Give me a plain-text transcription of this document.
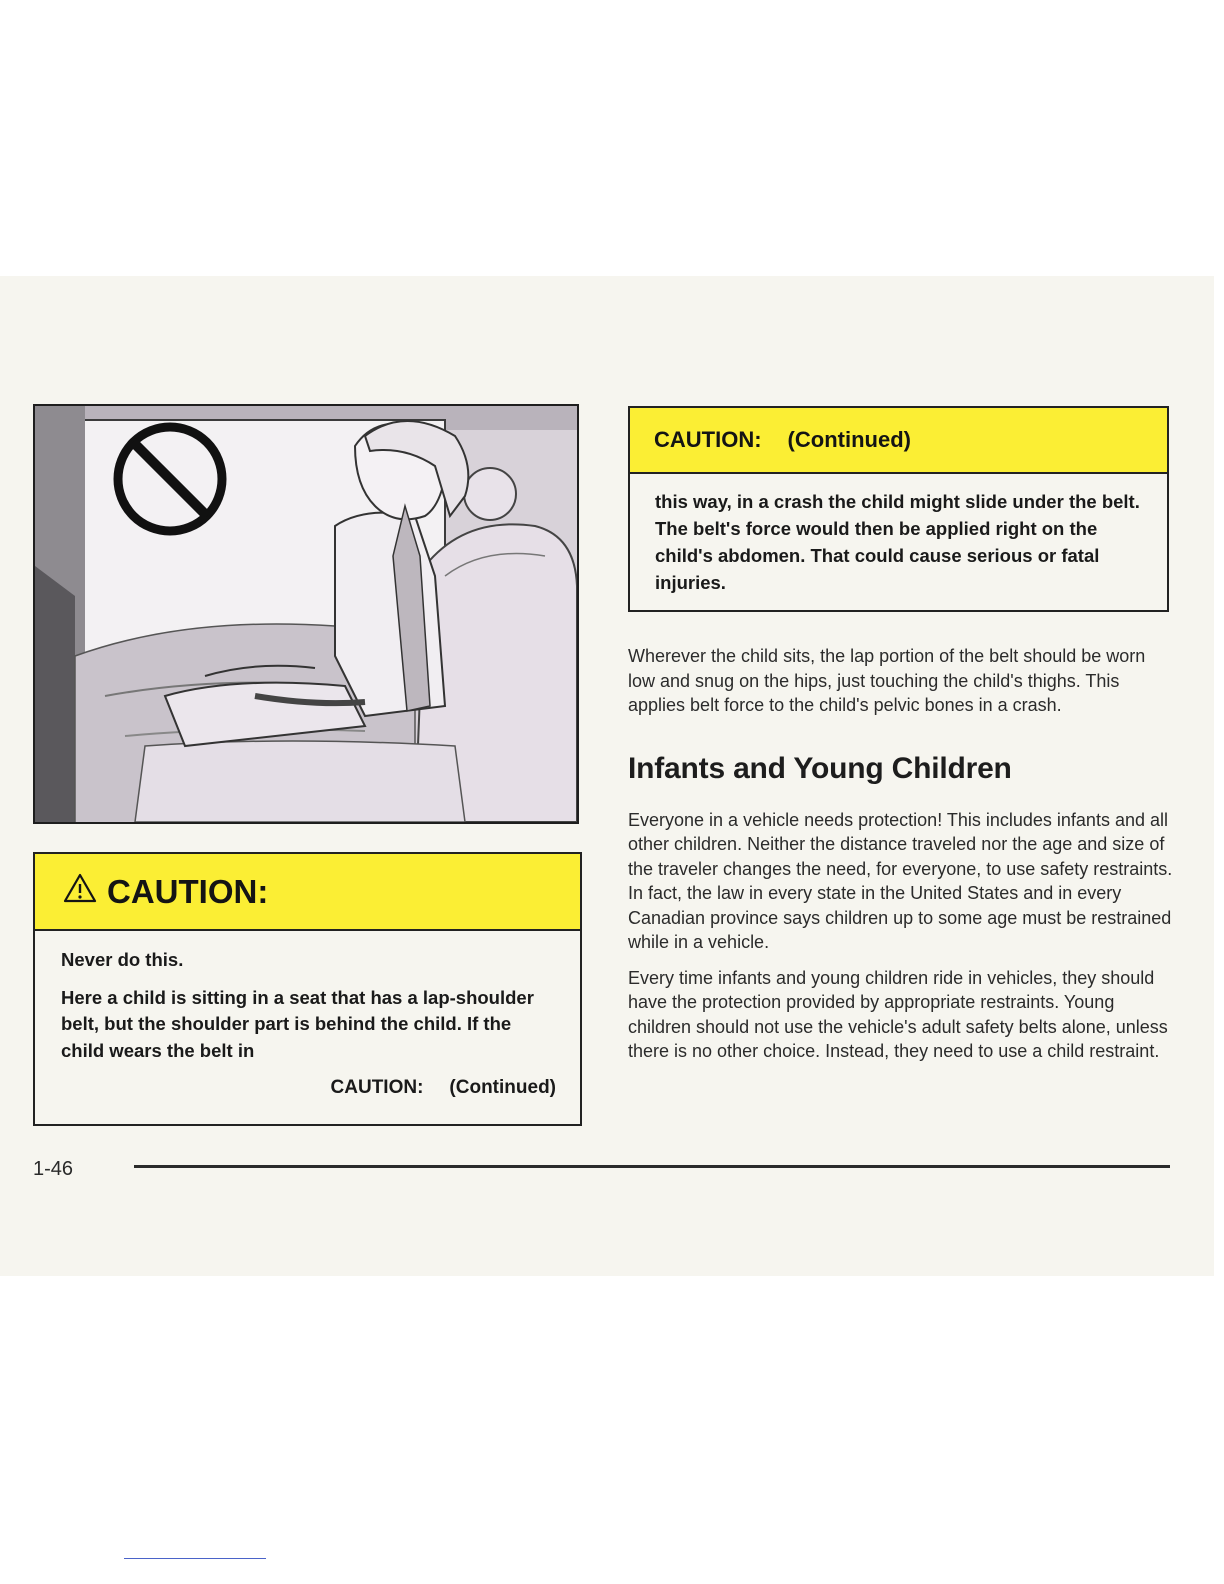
CAUTION:

Never do this.

Here a child is sitting in a seat that has a lap-shoulder belt, but the shoulder part is behind the child. If the child wears the belt in

CAUTION: (Continued)
CAUTION: (Continued)

this way, in a crash the child might slide under the belt. The belt's force would then be applied right on the child's abdomen. That could cause serious or fatal injuries.

Wherever the child sits, the lap portion of the belt should be worn low and snug on the hips, just touching the child's thighs. This applies belt force to the child's pelvic bones in a crash.

Infants and Young Children

Everyone in a vehicle needs protection! This includes infants and all other children. Neither the distance traveled nor the age and size of the traveler changes the need, for everyone, to use safety restraints. In fact, the law in every state in the United States and in every Canadian province says children up to some age must be restrained while in a vehicle.

Every time infants and young children ride in vehicles, they should have the protection provided by appropriate restraints. Young children should not use the vehicle's adult safety belts alone, unless there is no other choice. Instead, they need to use a child restraint.

1-46
